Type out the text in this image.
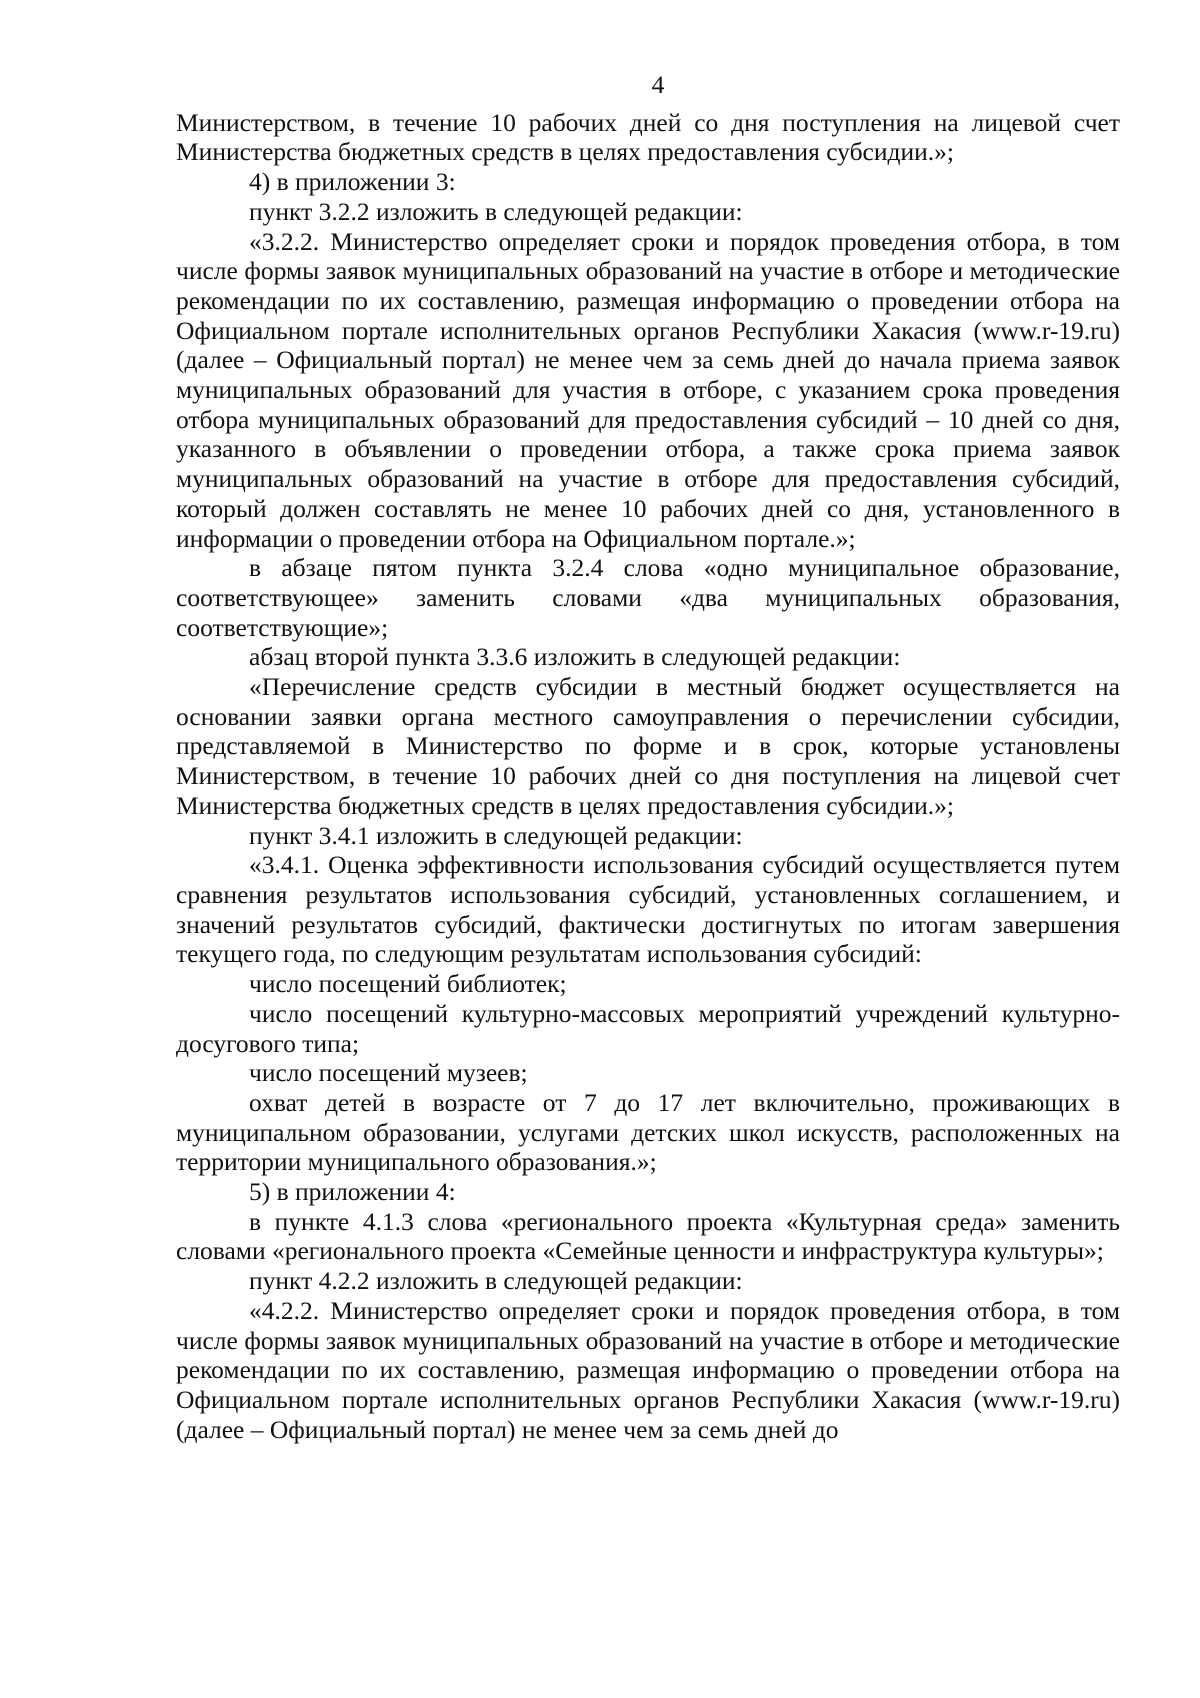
4

Министерством, в течение 10 рабочих дней со дня поступления на лицевой счет Министерства бюджетных средств в целях предоставления субсидии.»;

4) в приложении 3:

пункт 3.2.2 изложить в следующей редакции:

«3.2.2. Министерство определяет сроки и порядок проведения отбора, в том числе формы заявок муниципальных образований на участие в отборе и методические рекомендации по их составлению, размещая информацию о проведении отбора на Официальном портале исполнительных органов Республики Хакасия (www.r-19.ru) (далее – Официальный портал) не менее чем за семь дней до начала приема заявок муниципальных образований для участия в отборе, с указанием срока проведения отбора муниципальных образований для предоставления субсидий – 10 дней со дня, указанного в объявлении о проведении отбора, а также срока приема заявок муниципальных образований на участие в отборе для предоставления субсидий, который должен составлять не менее 10 рабочих дней со дня, установленного в информации о проведении отбора на Официальном портале.»;

в абзаце пятом пункта 3.2.4 слова «одно муниципальное образование, соответствующее» заменить словами «два муниципальных образования, соответствующие»;

абзац второй пункта 3.3.6 изложить в следующей редакции:

«Перечисление средств субсидии в местный бюджет осуществляется на основании заявки органа местного самоуправления о перечислении субсидии, представляемой в Министерство по форме и в срок, которые установлены Министерством, в течение 10 рабочих дней со дня поступления на лицевой счет Министерства бюджетных средств в целях предоставления субсидии.»;

пункт 3.4.1 изложить в следующей редакции:

«3.4.1. Оценка эффективности использования субсидий осуществляется путем сравнения результатов использования субсидий, установленных соглашением, и значений результатов субсидий, фактически достигнутых по итогам завершения текущего года, по следующим результатам использования субсидий:

число посещений библиотек;

число посещений культурно-массовых мероприятий учреждений культурно-досугового типа;

число посещений музеев;

охват детей в возрасте от 7 до 17 лет включительно, проживающих в муниципальном образовании, услугами детских школ искусств, расположенных на территории муниципального образования.»;

5) в приложении 4:

в пункте 4.1.3 слова «регионального проекта «Культурная среда» заменить словами «регионального проекта «Семейные ценности и инфраструктура культуры»;

пункт 4.2.2 изложить в следующей редакции:

«4.2.2. Министерство определяет сроки и порядок проведения отбора, в том числе формы заявок муниципальных образований на участие в отборе и методические рекомендации по их составлению, размещая информацию о проведении отбора на Официальном портале исполнительных органов Республики Хакасия (www.r-19.ru) (далее – Официальный портал) не менее чем за семь дней до
